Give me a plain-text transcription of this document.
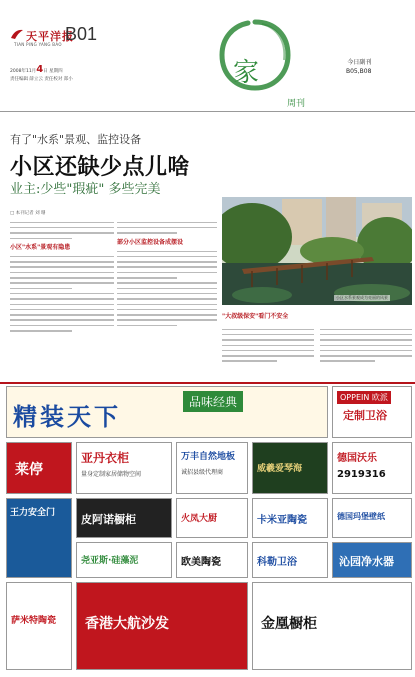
天平洋报
TIAN PING YANG BAO
B01
2008年11月4日 星期四
责任编辑 薛立云 责任校对 郑小	家
周刊
今日副刊
B05,B08
有了"水系"景观、监控设备
小区还缺少点儿啥
业主:少些"瑕疵" 多些完美
□ 本刊记者 刘 珊
小区水系景观成为亮丽的风景
小区"水系"景观有隐患
部分小区监控设备成摆设
"大叔级保安"看门不安全
精装天下	品味经典	OPPEIN 欧派
定制卫浴
莱停
亚丹衣柜
量身定制家居储物空间
万丰自然地板
诚招县级代理商	威羲爱琴海
德国沃乐
2919316
王力安全门 皮阿诺橱柜	火凤大厨	卡米亚陶瓷	德国玛堡壁纸
尧亚斯·硅藻泥	欧美陶瓷	科勒卫浴	沁园净水器
萨米特陶瓷 香港大航沙发	金凰橱柜
